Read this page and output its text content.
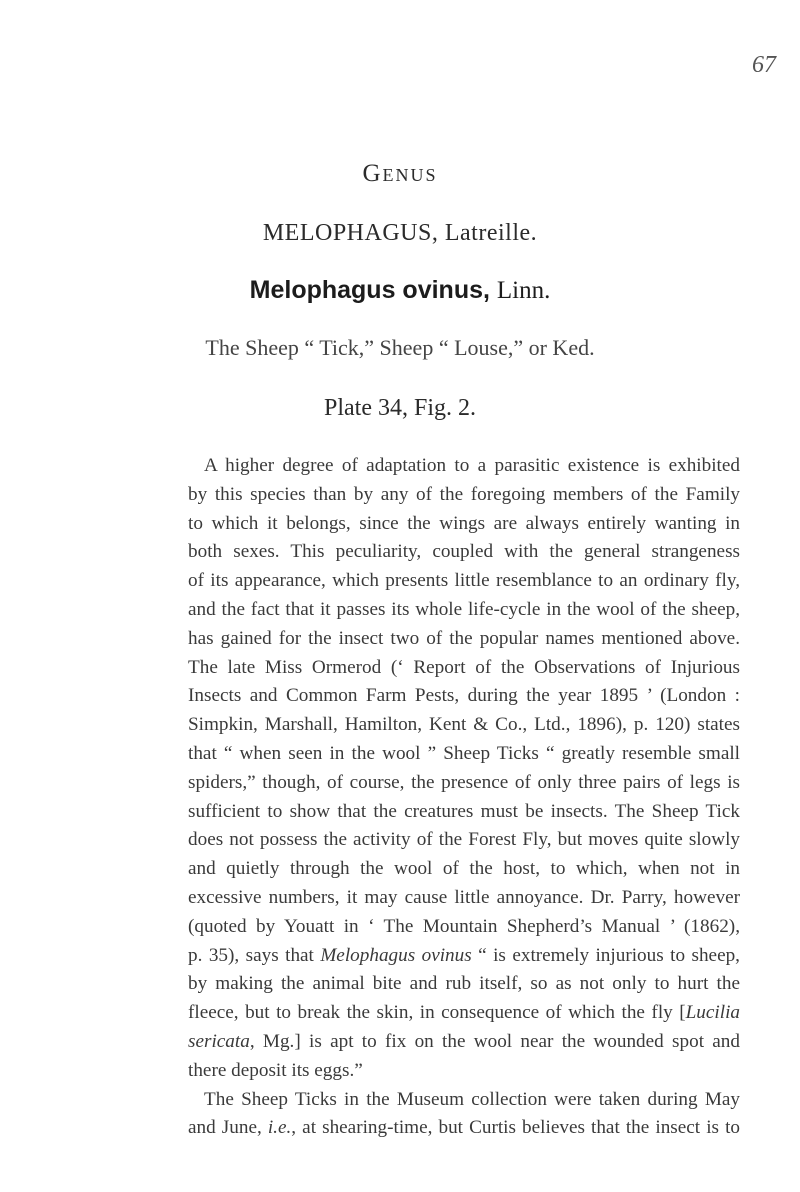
67
Genus
MELOPHAGUS, Latreille.
Melophagus ovinus, Linn.
The Sheep “ Tick,” Sheep “ Louse,” or Ked.
Plate 34, Fig. 2.
A higher degree of adaptation to a parasitic existence is exhibited
by this species than by any of the foregoing members of the Family
to which it belongs, since the wings are always entirely wanting in
both sexes. This peculiarity, coupled with the general strangeness
of its appearance, which presents little resemblance to an ordinary fly,
and the fact that it passes its whole life-cycle in the wool of the sheep,
has gained for the insect two of the popular names mentioned above.
The late Miss Ormerod (‘ Report of the Observations of Injurious
Insects and Common Farm Pests, during the year 1895 ’ (London :
Simpkin, Marshall, Hamilton, Kent & Co., Ltd., 1896), p. 120) states
that “ when seen in the wool ” Sheep Ticks “ greatly resemble small
spiders,” though, of course, the presence of only three pairs of legs is
sufficient to show that the creatures must be insects. The Sheep Tick
does not possess the activity of the Forest Fly, but moves quite slowly
and quietly through the wool of the host, to which, when not in
excessive numbers, it may cause little annoyance. Dr. Parry, however
(quoted by Youatt in ‘ The Mountain Shepherd’s Manual ’ (1862),
p. 35), says that Melophagus ovinus “ is extremely injurious to sheep,
by making the animal bite and rub itself, so as not only to hurt the
fleece, but to break the skin, in consequence of which the fly [Lucilia
sericata, Mg.] is apt to fix on the wool near the wounded spot and
there deposit its eggs.”
The Sheep Ticks in the Museum collection were taken during May
and June, i.e., at shearing-time, but Curtis believes that the insect is to
